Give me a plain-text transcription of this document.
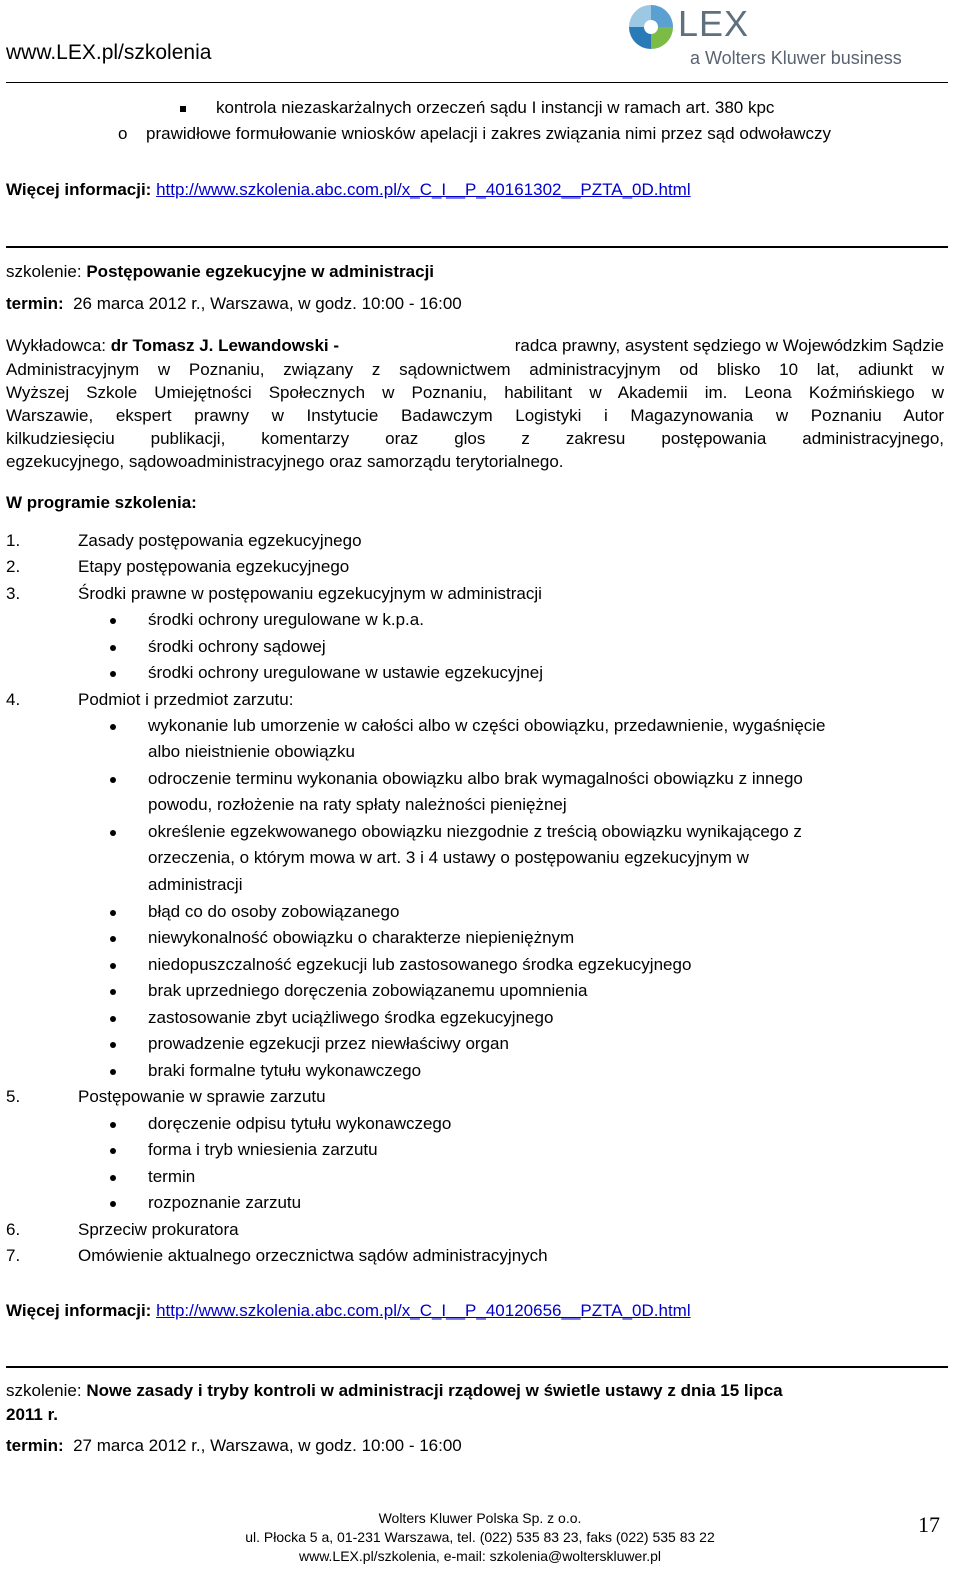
www.LEX.pl/szkolenia
LEX
a Wolters Kluwer business
kontrola niezaskarżalnych orzeczeń sądu I instancji w ramach art. 380 kpc
o prawidłowe formułowanie wniosków apelacji i zakres związania nimi przez sąd odwoławczy
Więcej informacji: http://www.szkolenia.abc.com.pl/x_C_I__P_40161302__PZTA_0D.html
szkolenie: Postępowanie egzekucyjne w administracji
termin: 26 marca 2012 r., Warszawa, w godz. 10:00 - 16:00
Wykładowca: dr Tomasz J. Lewandowski -	radca prawny, asystent sędziego w Wojewódzkim Sądzie
Administracyjnym w Poznaniu, związany z sądownictwem administracyjnym od blisko 10 lat, adiunkt w
Wyższej Szkole Umiejętności Społecznych w Poznaniu, habilitant w Akademii im. Leona Koźmińskiego w
Warszawie, ekspert prawny w Instytucie Badawczym Logistyki i Magazynowania w Poznaniu Autor
kilkudziesięciu publikacji, komentarzy oraz glos z zakresu postępowania administracyjnego,
egzekucyjnego, sądowoadministracyjnego oraz samorządu terytorialnego.
W programie szkolenia:
1.	Zasady postępowania egzekucyjnego
2.	Etapy postępowania egzekucyjnego
3.	Środki prawne w postępowaniu egzekucyjnym w administracji
środki ochrony uregulowane w k.p.a.
środki ochrony sądowej
środki ochrony uregulowane w ustawie egzekucyjnej
4.	Podmiot i przedmiot zarzutu:
wykonanie lub umorzenie w całości albo w części obowiązku, przedawnienie, wygaśnięcie
albo nieistnienie obowiązku
odroczenie terminu wykonania obowiązku albo brak wymagalności obowiązku z innego
powodu, rozłożenie na raty spłaty należności pieniężnej
określenie egzekwowanego obowiązku niezgodnie z treścią obowiązku wynikającego z
orzeczenia, o którym mowa w art. 3 i 4 ustawy o postępowaniu egzekucyjnym w
administracji
błąd co do osoby zobowiązanego
niewykonalność obowiązku o charakterze niepieniężnym
niedopuszczalność egzekucji lub zastosowanego środka egzekucyjnego
brak uprzedniego doręczenia zobowiązanemu upomnienia
zastosowanie zbyt uciążliwego środka egzekucyjnego
prowadzenie egzekucji przez niewłaściwy organ
braki formalne tytułu wykonawczego
5.	Postępowanie w sprawie zarzutu
doręczenie odpisu tytułu wykonawczego
forma i tryb wniesienia zarzutu
termin
rozpoznanie zarzutu
6.	Sprzeciw prokuratora
7.	Omówienie aktualnego orzecznictwa sądów administracyjnych
Więcej informacji: http://www.szkolenia.abc.com.pl/x_C_I__P_40120656__PZTA_0D.html
szkolenie: Nowe zasady i tryby kontroli w administracji rządowej w świetle ustawy z dnia 15 lipca
2011 r.
termin: 27 marca 2012 r., Warszawa, w godz. 10:00 - 16:00
Wolters Kluwer Polska Sp. z o.o.
ul. Płocka 5 a, 01-231 Warszawa, tel. (022) 535 83 23, faks (022) 535 83 22
www.LEX.pl/szkolenia, e-mail: szkolenia@wolterskluwer.pl
17
